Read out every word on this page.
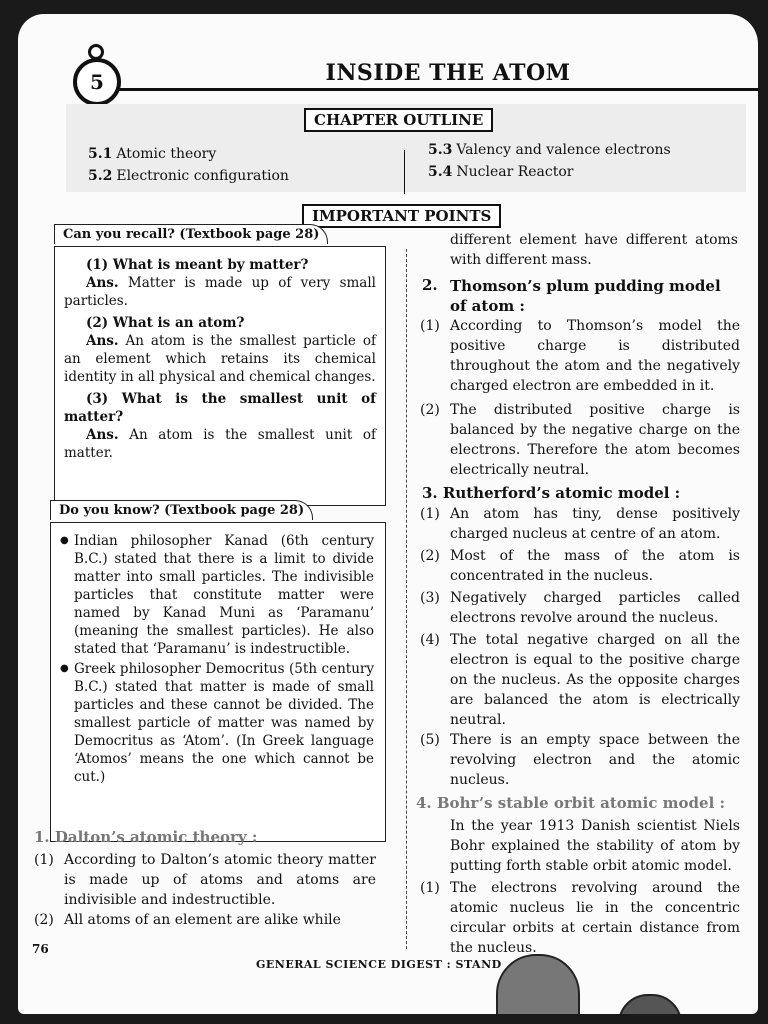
5	INSIDE THE ATOM
CHAPTER OUTLINE
5.1 Atomic theory
5.2 Electronic configuration
5.3 Valency and valence electrons
5.4 Nuclear Reactor
IMPORTANT POINTS
Can you recall? (Textbook page 28)
(1) What is meant by matter?
Ans. Matter is made up of very small particles.
(2) What is an atom?
Ans. An atom is the smallest particle of an element which retains its chemical identity in all physical and chemical changes.
(3) What is the smallest unit of matter?
Ans. An atom is the smallest unit of matter.
Do you know? (Textbook page 28)
● Indian philosopher Kanad (6th century B.C.) stated that there is a limit to divide matter into small particles. The indivisible particles that constitute matter were named by Kanad Muni as ‘Paramanu’ (meaning the smallest particles). He also stated that ‘Paramanu’ is indestructible.
● Greek philosopher Democritus (5th century B.C.) stated that matter is made of small particles and these cannot be divided. The smallest particle of matter was named by Democritus as ‘Atom’. (In Greek language ‘Atomos’ means the one which cannot be cut.)
1. Dalton’s atomic theory :
(1) According to Dalton’s atomic theory matter is made up of atoms and atoms are indivisible and indestructible.
(2) All atoms of an element are alike while
different element have different atoms with different mass.
2. Thomson’s plum pudding model of atom :
(1) According to Thomson’s model the positive charge is distributed throughout the atom and the negatively charged electron are embedded in it.
(2) The distributed positive charge is balanced by the negative charge on the electrons. Therefore the atom becomes electrically neutral.
3. Rutherford’s atomic model :
(1) An atom has tiny, dense positively charged nucleus at centre of an atom.
(2) Most of the mass of the atom is concentrated in the nucleus.
(3) Negatively charged particles called electrons revolve around the nucleus.
(4) The total negative charged on all the electron is equal to the positive charge on the nucleus. As the opposite charges are balanced the atom is electrically neutral.
(5) There is an empty space between the revolving electron and the atomic nucleus.
4. Bohr’s stable orbit atomic model :
In the year 1913 Danish scientist Niels Bohr explained the stability of atom by putting forth stable orbit atomic model.
(1) The electrons revolving around the atomic nucleus lie in the concentric circular orbits at certain distance from the nucleus.
76
GENERAL SCIENCE DIGEST : STAND
